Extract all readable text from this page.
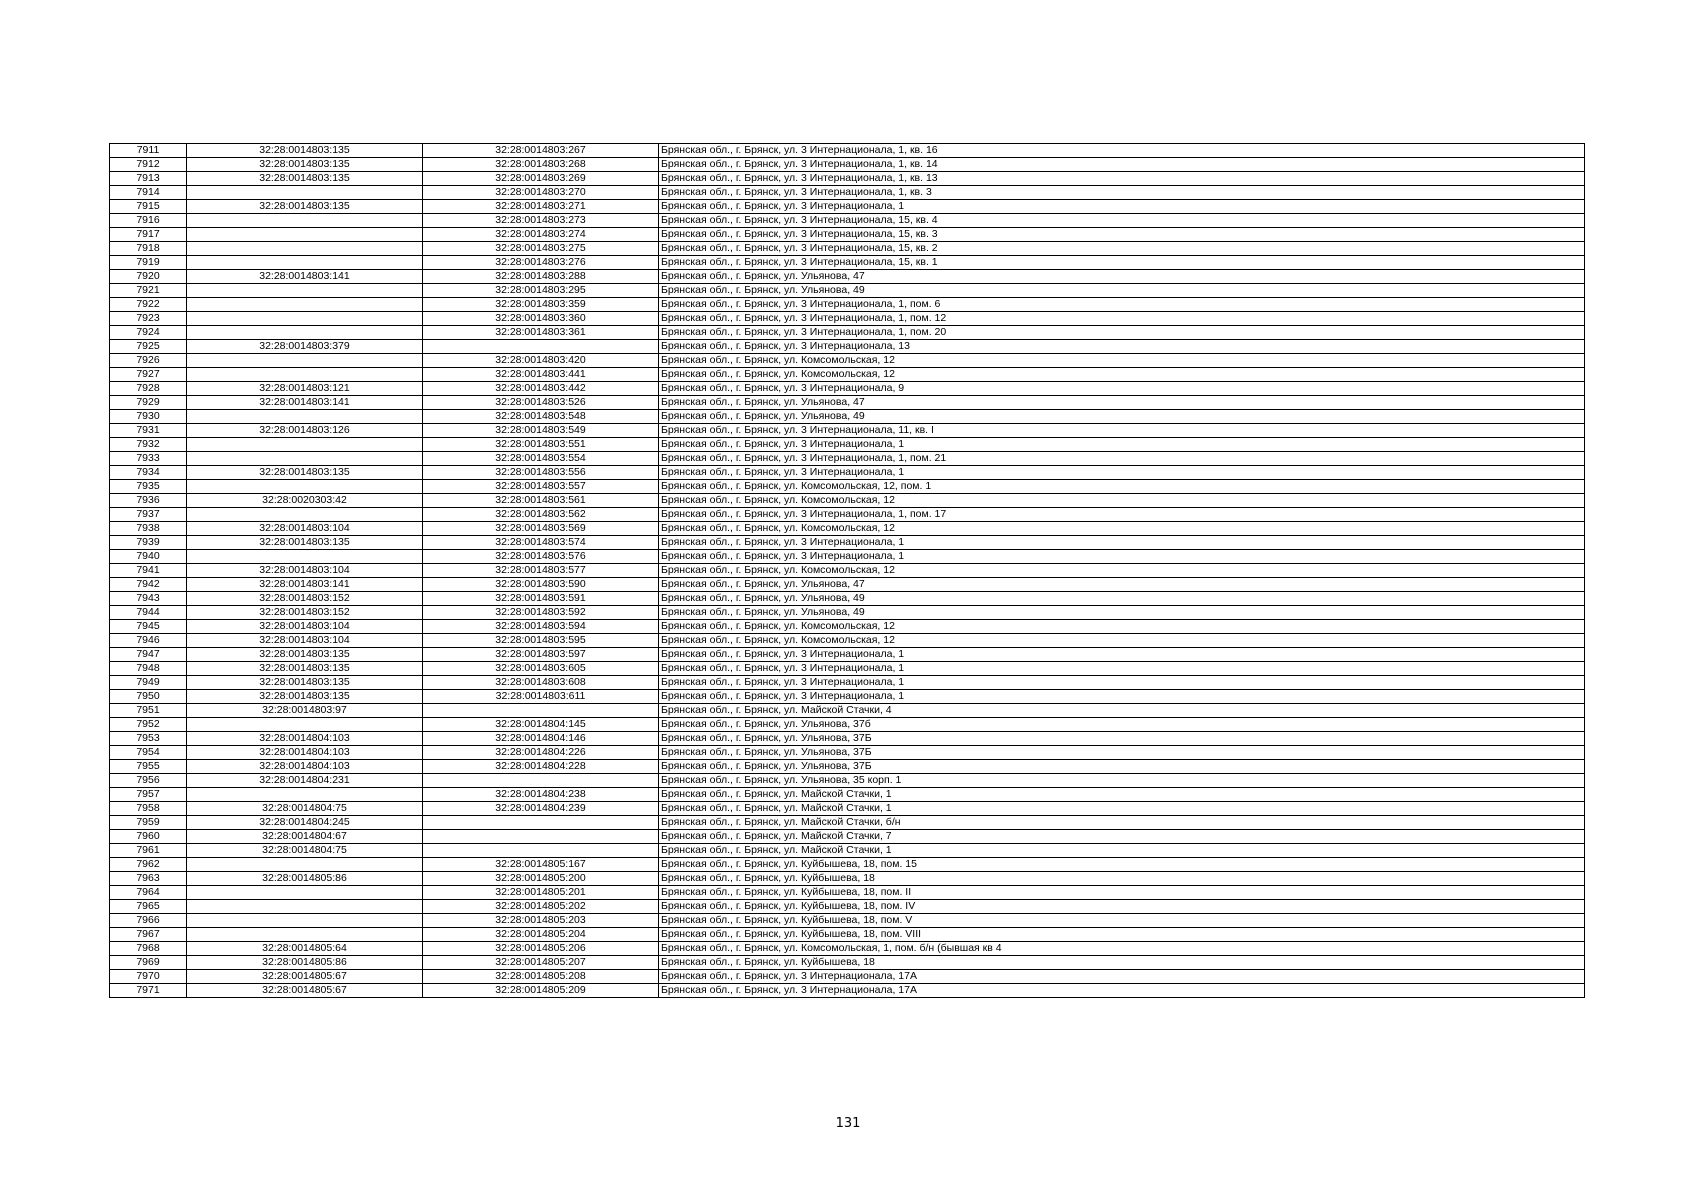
7911	32:28:0014803:135	32:28:0014803:267	Брянская обл., г. Брянск, ул. 3 Интернационала, 1, кв. 16
7912	32:28:0014803:135	32:28:0014803:268	Брянская обл., г. Брянск, ул. 3 Интернационала, 1, кв. 14
7913	32:28:0014803:135	32:28:0014803:269	Брянская обл., г. Брянск, ул. 3 Интернационала, 1, кв. 13
7914		32:28:0014803:270	Брянская обл., г. Брянск, ул. 3 Интернационала, 1, кв. 3
7915	32:28:0014803:135	32:28:0014803:271	Брянская обл., г. Брянск, ул. 3 Интернационала, 1
7916		32:28:0014803:273	Брянская обл., г. Брянск, ул. 3 Интернационала, 15, кв. 4
7917		32:28:0014803:274	Брянская обл., г. Брянск, ул. 3 Интернационала, 15, кв. 3
7918		32:28:0014803:275	Брянская обл., г. Брянск, ул. 3 Интернационала, 15, кв. 2
7919		32:28:0014803:276	Брянская обл., г. Брянск, ул. 3 Интернационала, 15, кв. 1
7920	32:28:0014803:141	32:28:0014803:288	Брянская обл., г. Брянск, ул. Ульянова, 47
7921		32:28:0014803:295	Брянская обл., г. Брянск, ул. Ульянова, 49
7922		32:28:0014803:359	Брянская обл., г. Брянск, ул. 3 Интернационала, 1, пом. 6
7923		32:28:0014803:360	Брянская обл., г. Брянск, ул. 3 Интернационала, 1, пом. 12
7924		32:28:0014803:361	Брянская обл., г. Брянск, ул. 3 Интернационала, 1, пом. 20
7925	32:28:0014803:379		Брянская обл., г. Брянск, ул. 3 Интернационала, 13
7926		32:28:0014803:420	Брянская обл., г. Брянск, ул. Комсомольская, 12
7927		32:28:0014803:441	Брянская обл., г. Брянск, ул. Комсомольская, 12
7928	32:28:0014803:121	32:28:0014803:442	Брянская обл., г. Брянск, ул. 3 Интернационала, 9
7929	32:28:0014803:141	32:28:0014803:526	Брянская обл., г. Брянск, ул. Ульянова, 47
7930		32:28:0014803:548	Брянская обл., г. Брянск, ул. Ульянова, 49
7931	32:28:0014803:126	32:28:0014803:549	Брянская обл., г. Брянск, ул. 3 Интернационала, 11, кв. I
7932		32:28:0014803:551	Брянская обл., г. Брянск, ул. 3 Интернационала, 1
7933		32:28:0014803:554	Брянская обл., г. Брянск, ул. 3 Интернационала, 1, пом. 21
7934	32:28:0014803:135	32:28:0014803:556	Брянская обл., г. Брянск, ул. 3 Интернационала, 1
7935		32:28:0014803:557	Брянская обл., г. Брянск, ул. Комсомольская, 12, пом. 1
7936	32:28:0020303:42	32:28:0014803:561	Брянская обл., г. Брянск, ул. Комсомольская, 12
7937		32:28:0014803:562	Брянская обл., г. Брянск, ул. 3 Интернационала, 1, пом. 17
7938	32:28:0014803:104	32:28:0014803:569	Брянская обл., г. Брянск, ул. Комсомольская, 12
7939	32:28:0014803:135	32:28:0014803:574	Брянская обл., г. Брянск, ул. 3 Интернационала, 1
7940		32:28:0014803:576	Брянская обл., г. Брянск, ул. 3 Интернационала, 1
7941	32:28:0014803:104	32:28:0014803:577	Брянская обл., г. Брянск, ул. Комсомольская, 12
7942	32:28:0014803:141	32:28:0014803:590	Брянская обл., г. Брянск, ул. Ульянова, 47
7943	32:28:0014803:152	32:28:0014803:591	Брянская обл., г. Брянск, ул. Ульянова, 49
7944	32:28:0014803:152	32:28:0014803:592	Брянская обл., г. Брянск, ул. Ульянова, 49
7945	32:28:0014803:104	32:28:0014803:594	Брянская обл., г. Брянск, ул. Комсомольская, 12
7946	32:28:0014803:104	32:28:0014803:595	Брянская обл., г. Брянск, ул. Комсомольская, 12
7947	32:28:0014803:135	32:28:0014803:597	Брянская обл., г. Брянск, ул. 3 Интернационала, 1
7948	32:28:0014803:135	32:28:0014803:605	Брянская обл., г. Брянск, ул. 3 Интернационала, 1
7949	32:28:0014803:135	32:28:0014803:608	Брянская обл., г. Брянск, ул. 3 Интернационала, 1
7950	32:28:0014803:135	32:28:0014803:611	Брянская обл., г. Брянск, ул. 3 Интернационала, 1
7951	32:28:0014803:97		Брянская обл., г. Брянск, ул. Майской Стачки, 4
7952		32:28:0014804:145	Брянская обл., г. Брянск, ул. Ульянова, 37б
7953	32:28:0014804:103	32:28:0014804:146	Брянская обл., г. Брянск, ул. Ульянова, 37Б
7954	32:28:0014804:103	32:28:0014804:226	Брянская обл., г. Брянск, ул. Ульянова, 37Б
7955	32:28:0014804:103	32:28:0014804:228	Брянская обл., г. Брянск, ул. Ульянова, 37Б
7956	32:28:0014804:231		Брянская обл., г. Брянск, ул. Ульянова, 35 корп. 1
7957		32:28:0014804:238	Брянская обл., г. Брянск, ул. Майской Стачки, 1
7958	32:28:0014804:75	32:28:0014804:239	Брянская обл., г. Брянск, ул. Майской Стачки, 1
7959	32:28:0014804:245		Брянская обл., г. Брянск, ул. Майской Стачки, б/н
7960	32:28:0014804:67		Брянская обл., г. Брянск, ул. Майской Стачки, 7
7961	32:28:0014804:75		Брянская обл., г. Брянск, ул. Майской Стачки, 1
7962		32:28:0014805:167	Брянская обл., г. Брянск, ул. Куйбышева, 18, пом. 15
7963	32:28:0014805:86	32:28:0014805:200	Брянская обл., г. Брянск, ул. Куйбышева, 18
7964		32:28:0014805:201	Брянская обл., г. Брянск, ул. Куйбышева, 18, пом. II
7965		32:28:0014805:202	Брянская обл., г. Брянск, ул. Куйбышева, 18, пом. IV
7966		32:28:0014805:203	Брянская обл., г. Брянск, ул. Куйбышева, 18, пом. V
7967		32:28:0014805:204	Брянская обл., г. Брянск, ул. Куйбышева, 18, пом. VIII
7968	32:28:0014805:64	32:28:0014805:206	Брянская обл., г. Брянск, ул. Комсомольская, 1, пом. б/н (бывшая кв 4
7969	32:28:0014805:86	32:28:0014805:207	Брянская обл., г. Брянск, ул. Куйбышева, 18
7970	32:28:0014805:67	32:28:0014805:208	Брянская обл., г. Брянск, ул. 3 Интернационала, 17А
7971	32:28:0014805:67	32:28:0014805:209	Брянская обл., г. Брянск, ул. 3 Интернационала, 17А
131
